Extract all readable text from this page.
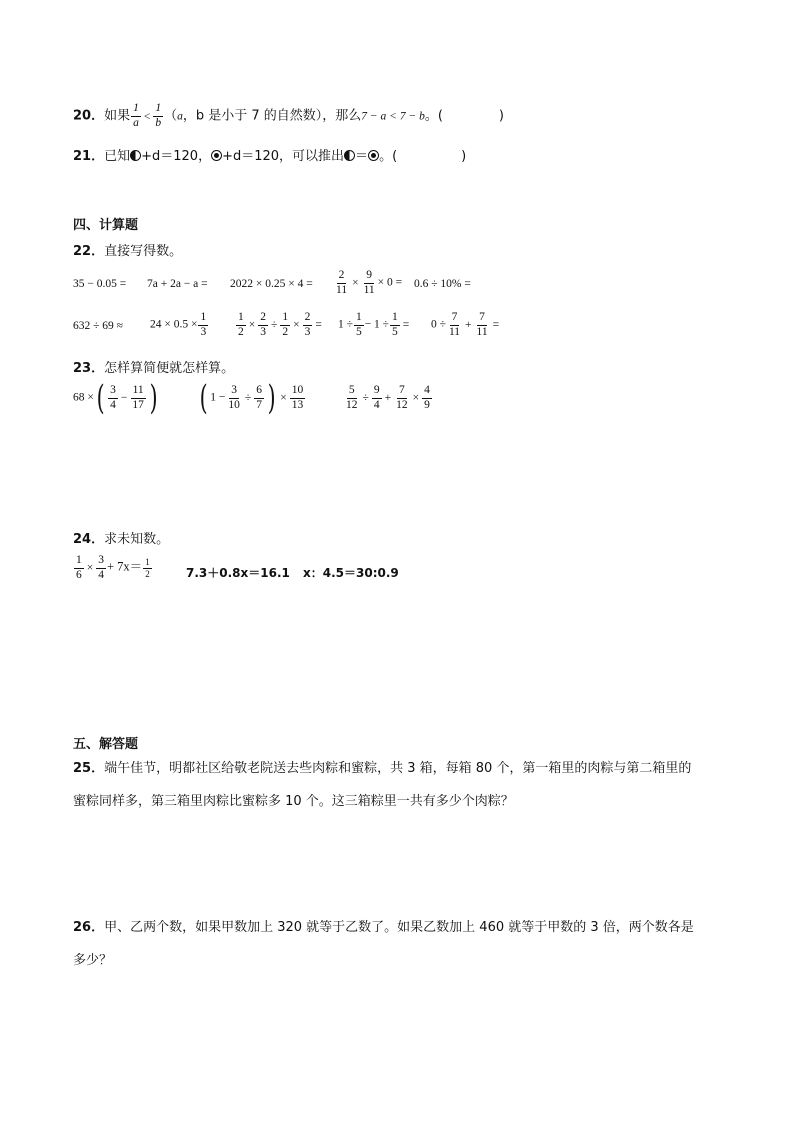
20．如果 $\frac{1}{a} < \frac{1}{b} (a$，b 是小于 7 的自然数），那么7 − a < 7 − b。(	)
21．已知 +d＝120， +d＝120，可以推出 ＝ 。(	)
四、计算题
22．直接写得数。
$35 - 0.05 = 7a + 2a - a = 2022 \times 0.25 \times 4 = \frac{2}{11} \times \frac{9}{11} \times 0 = 0.6 \div 10\%$ =
$632 \div 69 \approx 24 \times 0.5 \times \frac{1}{3} \frac{1}{2} \times \frac{2}{3} \div \frac{1}{2} \times \frac{2}{3} = 1 \div \frac{1}{5} - 1 \div \frac{1}{5} = 0 \div \frac{7}{11} + \frac{7}{11}$ =
23．怎样算简便就怎样算。
68 ×( $\frac{3}{4} - \frac{11}{17}$ ) ( $1 - \frac{3}{10} \div \frac{6}{7}$ ) × $\frac{10}{13}$	$\frac{5}{12} \div \frac{9}{4} + \frac{7}{12} \times \frac{4}{9}$
24．求未知数。
$\frac{1}{6} \times \frac{3}{4} + 7x= \frac{1}{2}$	7.3＋0.8x＝16.1 x：4.5＝30:0.9
五、解答题
25．端午佳节，明都社区给敬老院送去些肉粽和蜜粽，共 3 箱，每箱 80 个，第一箱里的肉粽与第二箱里的
蜜粽同样多，第三箱里肉粽比蜜粽多 10 个。这三箱粽里一共有多少个肉粽？
26．甲、乙两个数，如果甲数加上 320 就等于乙数了。如果乙数加上 460 就等于甲数的 3 倍，两个数各是
多少？
